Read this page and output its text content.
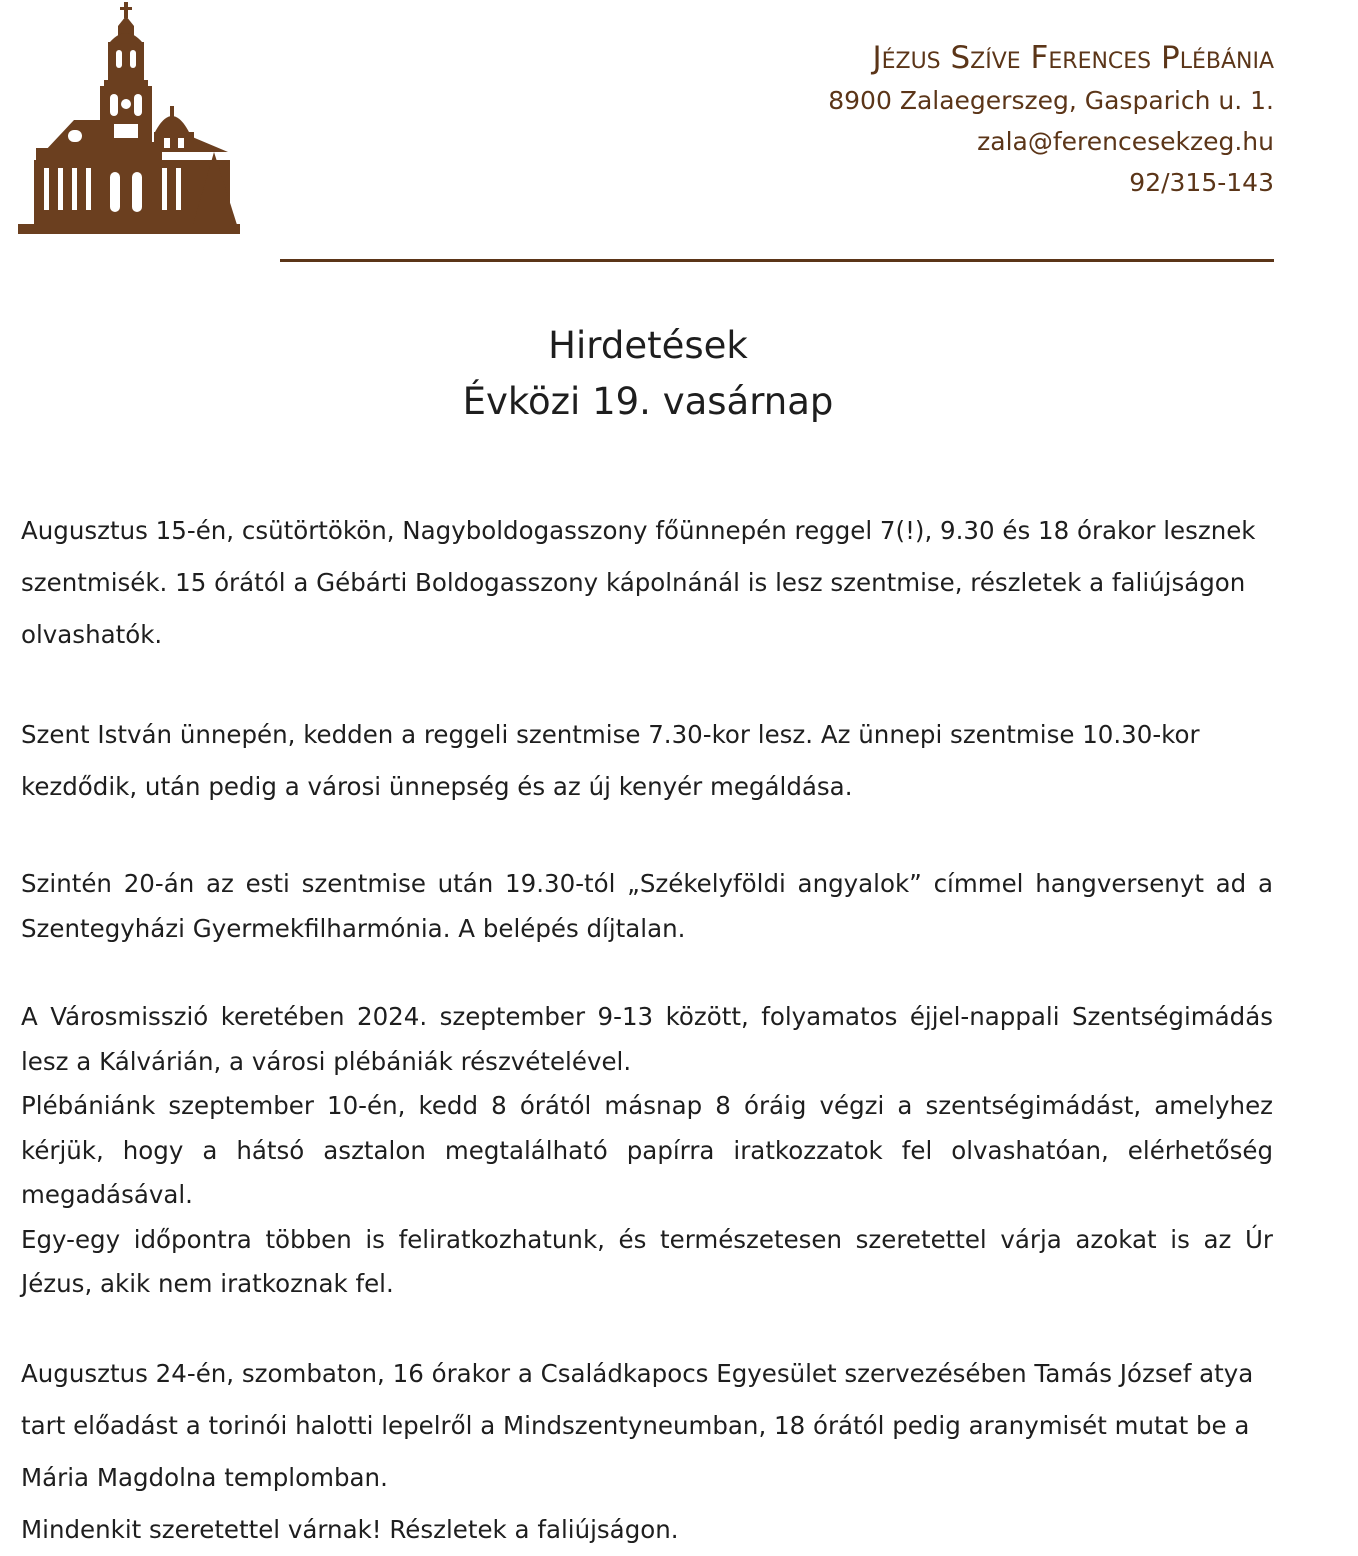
Jézus Szíve Ferences Plébánia
8900 Zalaegerszeg, Gasparich u. 1.
zala@ferencesekzeg.hu
92/315-143
Hirdetések
Évközi 19. vasárnap

Augusztus 15-én, csütörtökön, Nagyboldogasszony főünnepén reggel 7(!), 9.30 és 18 órakor lesznek szentmisék. 15 órától a Gébárti Boldogasszony kápolnánál is lesz szentmise, részletek a faliújságon olvashatók.

Szent István ünnepén, kedden a reggeli szentmise 7.30-kor lesz. Az ünnepi szentmise 10.30-kor kezdődik, után pedig a városi ünnepség és az új kenyér megáldása.

Szintén 20-án az esti szentmise után 19.30-tól „Székelyföldi angyalok” címmel hangversenyt ad a Szentegyházi Gyermekfilharmónia. A belépés díjtalan.

A Városmisszió keretében 2024. szeptember 9-13 között, folyamatos éjjel-nappali Szentségimádás lesz a Kálvárián, a városi plébániák részvételével.

Plébániánk szeptember 10-én, kedd 8 órától másnap 8 óráig végzi a szentségimádást, amelyhez kérjük, hogy a hátsó asztalon megtalálható papírra iratkozzatok fel olvashatóan, elérhetőség megadásával.

Egy-egy időpontra többen is feliratkozhatunk, és természetesen szeretettel várja azokat is az Úr Jézus, akik nem iratkoznak fel.

Augusztus 24-én, szombaton, 16 órakor a Családkapocs Egyesület szervezésében Tamás József atya tart előadást a torinói halotti lepelről a Mindszentyneumban, 18 órától pedig aranymisét mutat be a Mária Magdolna templomban.

Mindenkit szeretettel várnak! Részletek a faliújságon.
